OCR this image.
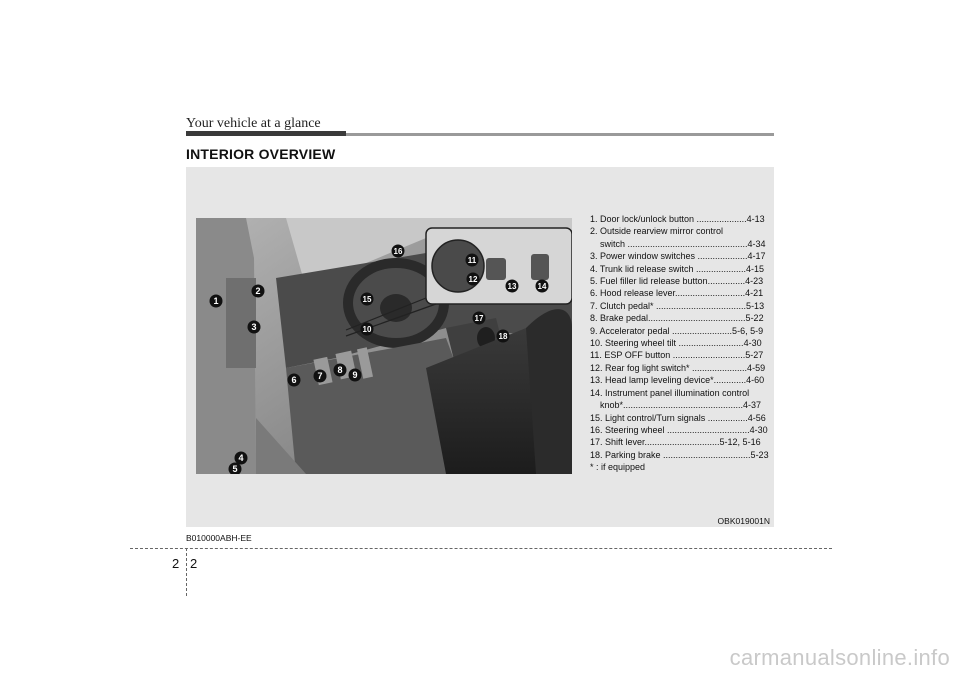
Your vehicle at a glance
INTERIOR OVERVIEW
1
2
3
4
5
6 7
8 9
10
11
12
13	14
15
16
17
18
1. Door lock/unlock button ....................4-13
2. Outside rearview mirror control
switch ................................................4-34
3. Power window switches ....................4-17
4. Trunk lid release switch ....................4-15
5. Fuel filler lid release button...............4-23
6. Hood release lever............................4-21
7. Clutch pedal* ....................................5-13
8. Brake pedal.......................................5-22
9. Accelerator pedal ........................5-6, 5-9
10. Steering wheel tilt ..........................4-30
11. ESP OFF button .............................5-27
12. Rear fog light switch* ......................4-59
13. Head lamp leveling device*.............4-60
14. Instrument panel illumination control
knob*................................................4-37
15. Light control/Turn signals ................4-56
16. Steering wheel .................................4-30
17. Shift lever..............................5-12, 5-16
18. Parking brake ...................................5-23
* : if equipped
OBK019001N
B010000ABH-EE
2 2
carmanualsonline.info
